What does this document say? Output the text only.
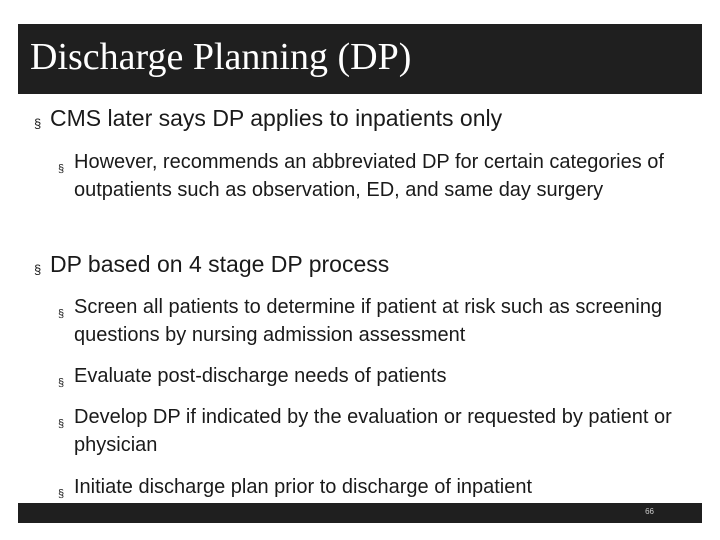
Discharge Planning (DP)
§ CMS later says DP applies to inpatients only
§ However, recommends an abbreviated DP for certain categories of outpatients such as observation, ED, and same day surgery
§ DP based on 4 stage DP process
§ Screen all patients to determine if patient at risk such as screening questions by nursing admission assessment
§ Evaluate post-discharge needs of patients
§ Develop DP if indicated by the evaluation or requested by patient or physician
§ Initiate discharge plan prior to discharge of inpatient
66
